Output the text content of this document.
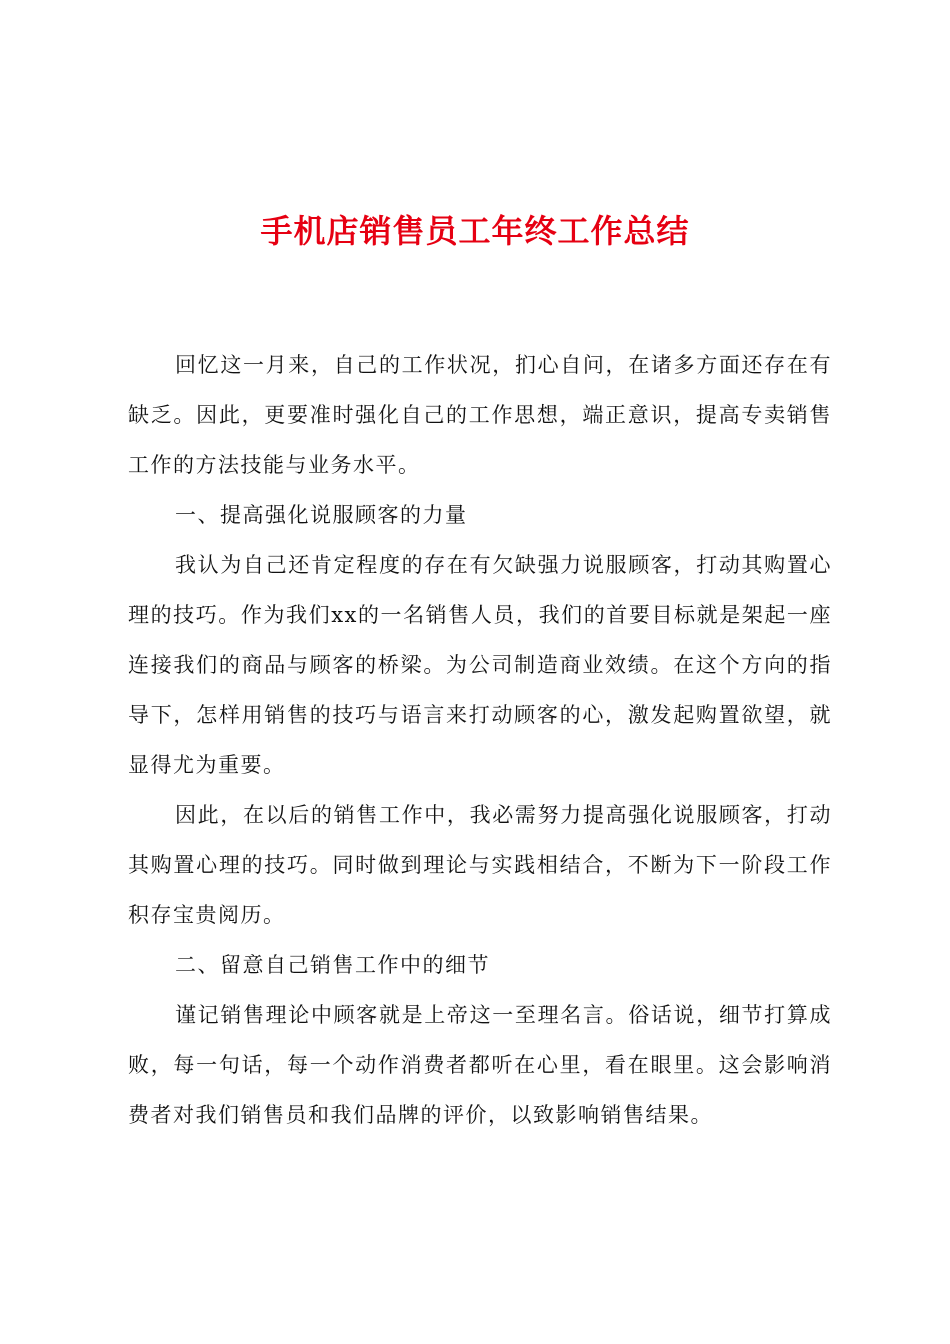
手机店销售员工年终工作总结

回忆这一月来，自己的工作状况，扪心自问，在诸多方面还存在有缺乏。因此，更要准时强化自己的工作思想，端正意识，提高专卖销售工作的方法技能与业务水平。

一、提高强化说服顾客的力量

我认为自己还肯定程度的存在有欠缺强力说服顾客，打动其购置心理的技巧。作为我们xx的一名销售人员，我们的首要目标就是架起一座连接我们的商品与顾客的桥梁。为公司制造商业效绩。在这个方向的指导下，怎样用销售的技巧与语言来打动顾客的心，激发起购置欲望，就显得尤为重要。

因此，在以后的销售工作中，我必需努力提高强化说服顾客，打动其购置心理的技巧。同时做到理论与实践相结合，不断为下一阶段工作积存宝贵阅历。

二、留意自己销售工作中的细节

谨记销售理论中顾客就是上帝这一至理名言。俗话说，细节打算成败，每一句话，每一个动作消费者都听在心里，看在眼里。这会影响消费者对我们销售员和我们品牌的评价，以致影响销售结果。
